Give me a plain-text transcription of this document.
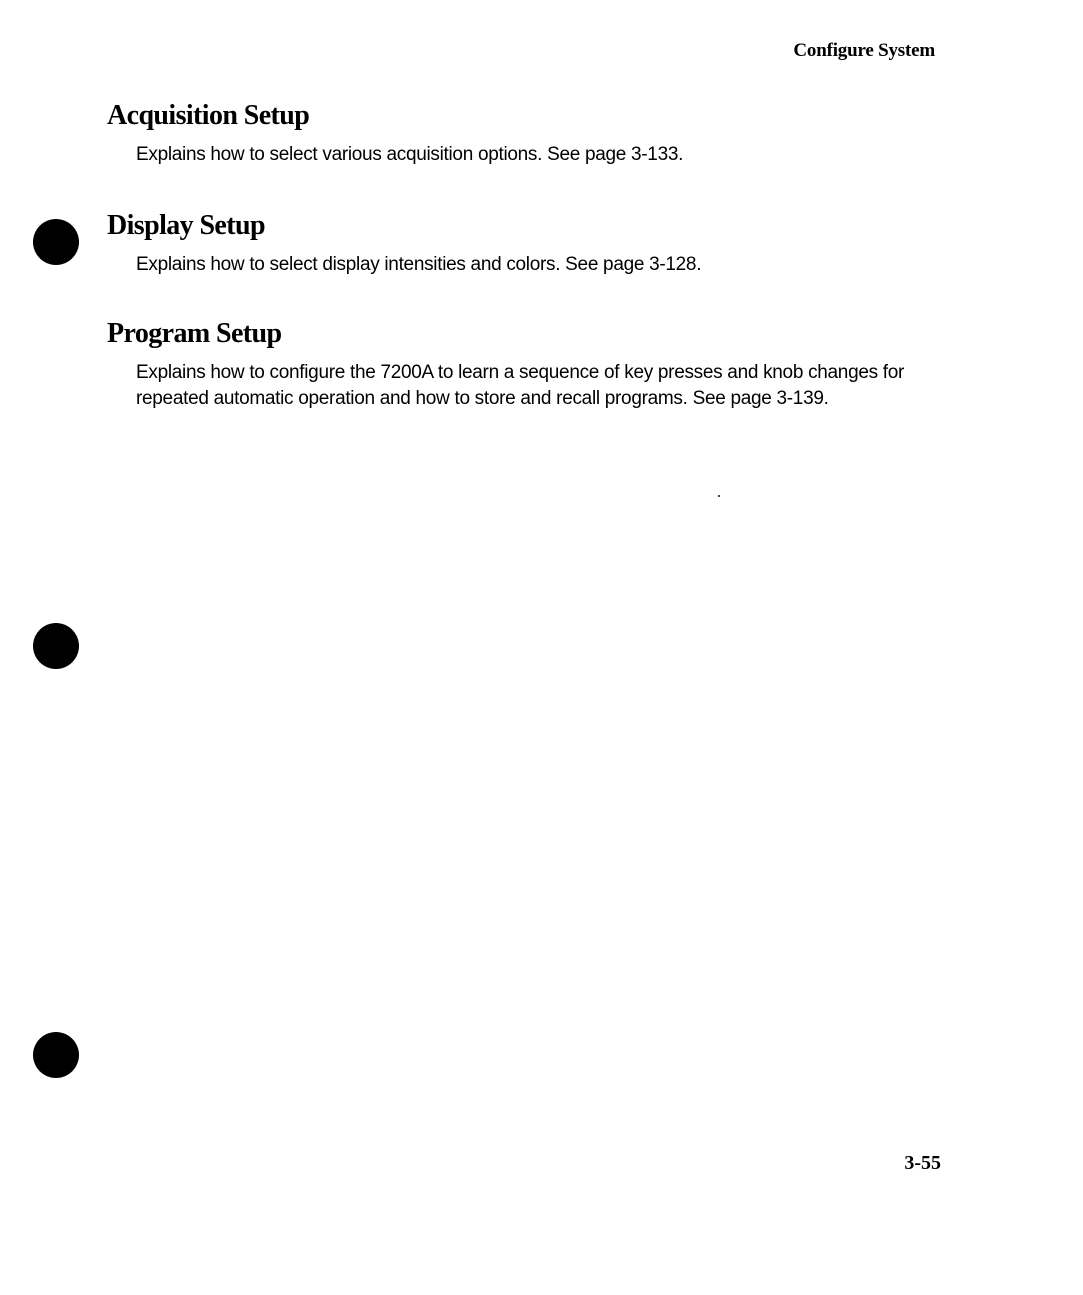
Configure System
Acquisition Setup

Explains how to select various acquisition options. See page 3-133.

Display Setup

Explains how to select display intensities and colors. See page 3-128.

Program Setup

Explains how to configure the 7200A to learn a sequence of key presses and knob changes for repeated automatic operation and how to store and recall programs. See page 3-139.

3-55
